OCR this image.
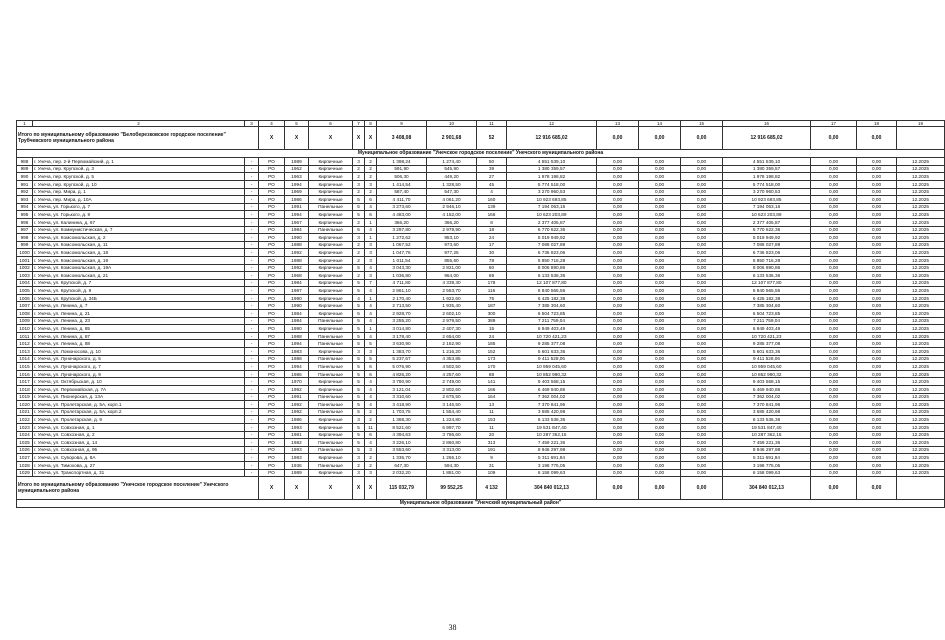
1	2	3	4	5	6	7	8	9	10	11	12	13	14	15	16	17	18	19
Итого по муниципальному образованию "Белоберезковское городское поселение" Трубчевского муниципального района			X	X	X	X	X	3 408,08	2 901,68	52	12 916 685,02	0,00	0,00	0,00	12 916 685,02	0,00	0,00	
Муниципальное образование "Унечское городское поселение" Унечского муниципального района																		
988	г. Унеча, пер. 2-й Первомайский, д. 1	-	РО	1989	Кирпичные	3	2	1 398,24	1 274,40	50	4 551 539,10	0,00	0,00	0,00	4 551 539,10	0,00	0,00	12.2025
989	г. Унеча, пер. Крупской, д. 3	-	РО	1962	Кирпичные	2	2	591,90	545,90	39	1 380 359,57	0,00	0,00	0,00	1 380 359,57	0,00	0,00	12.2025
990	г. Унеча, пер. Крупской, д. 5	-	РО	1963	Кирпичные	2	2	506,30	449,20	27	1 978 198,82	0,00	0,00	0,00	1 978 198,82	0,00	0,00	12.2025
991	г. Унеча, пер. Крупской, д. 10	-	РО	1994	Кирпичные	3	3	1 414,54	1 328,50	45	5 774 518,00	0,00	0,00	0,00	5 774 518,00	0,00	0,00	12.2025
992	г. Унеча, пер. Мира, д. 1	-	РО	1969	Кирпичные	2	2	587,40	547,30	4	3 270 960,53	0,00	0,00	0,00	3 270 960,53	0,00	0,00	12.2025
993	г. Унеча, пер. Мира, д. 10А	-	РО	1986	Кирпичные	5	6	4 411,70	4 061,20	160	10 923 693,85	0,00	0,00	0,00	10 923 693,85	0,00	0,00	12.2025
994	г. Унеча, ул. Горького, д. 7	-	РО	1991	Панельные	5	4	3 273,60	2 946,10	139	7 194 063,16	0,00	0,00	0,00	7 194 063,16	0,00	0,00	12.2025
995	г. Унеча, ул. Горького, д. 9	-	РО	1994	Кирпичные	5	6	4 483,00	4 152,00	166	10 623 203,89	0,00	0,00	0,00	10 623 203,89	0,00	0,00	12.2025
996	г. Унеча, ул. Калинина, д. 67	-	РО	1967	Кирпичные	2	1	366,20	366,20	8	2 377 405,87	0,00	0,00	0,00	2 377 405,87	0,00	0,00	12.2025
997	г. Унеча, ул. Коммунистическая, д. 7	-	РО	1984	Панельные	5	4	3 297,80	2 979,90	18	6 770 622,36	0,00	0,00	0,00	6 770 622,36	0,00	0,00	12.2025
998	г. Унеча, ул. Комсомольская, д. 2	-	РО	1990	Кирпичные	3	1	1 272,62	953,10	24	5 019 949,92	0,00	0,00	0,00	5 019 949,92	0,00	0,00	12.2025
999	г. Унеча, ул. Комсомольская, д. 11	-	РО	1988	Кирпичные	2	3	1 067,52	973,60	17	7 088 027,89	0,00	0,00	0,00	7 088 027,89	0,00	0,00	12.2025
1000	г. Унеча, ул. Комсомольская, д. 18	-	РО	1992	Кирпичные	2	3	1 047,76	977,25	30	6 736 823,06	0,00	0,00	0,00	6 736 823,06	0,00	0,00	12.2025
1001	г. Унеча, ул. Комсомольская, д. 19	-	РО	1988	Кирпичные	2	3	1 011,54	855,60	78	5 850 716,28	0,00	0,00	0,00	5 850 716,28	0,00	0,00	12.2025
1002	г. Унеча, ул. Комсомольская, д. 19А	-	РО	1992	Кирпичные	5	4	3 043,30	2 821,00	60	8 006 890,86	0,00	0,00	0,00	8 006 890,86	0,00	0,00	12.2025
1003	г. Унеча, ул. Комсомольская, д. 21	-	РО	1968	Кирпичные	2	3	1 036,80	964,00	69	6 133 536,36	0,00	0,00	0,00	6 133 536,36	0,00	0,00	12.2025
1004	г. Унеча, ул. Крупской, д. 7	-	РО	1984	Кирпичные	5	7	4 711,80	4 339,30	178	12 107 877,80	0,00	0,00	0,00	12 107 877,80	0,00	0,00	12.2025
1005	г. Унеча, ул. Крупской, д. 9	-	РО	1987	Кирпичные	5	4	2 861,10	2 553,70	116	6 840 565,56	0,00	0,00	0,00	6 840 565,56	0,00	0,00	12.2025
1006	г. Унеча, ул. Крупской, д. 34Б	-	РО	1990	Кирпичные	4	1	2 170,40	1 922,60	75	6 425 182,38	0,00	0,00	0,00	6 425 182,38	0,00	0,00	12.2025
1007	г. Унеча, ул. Ленина, д. 7	-	РО	1990	Кирпичные	5	4	2 713,50	1 935,40	187	7 385 304,60	0,00	0,00	0,00	7 385 304,60	0,00	0,00	12.2025
1008	г. Унеча, ул. Ленина, д. 21	-	РО	1984	Кирпичные	5	4	2 928,70	2 602,10	300	6 504 723,85	0,00	0,00	0,00	6 504 723,85	0,00	0,00	12.2025
1009	г. Унеча, ул. Ленина, д. 23	-	РО	1984	Панельные	5	4	3 255,20	2 979,50	389	7 211 759,04	0,00	0,00	0,00	7 211 759,04	0,00	0,00	12.2025
1010	г. Унеча, ул. Ленина, д. 85	-	РО	1990	Кирпичные	5	1	3 014,80	2 407,30	15	6 949 403,49	0,00	0,00	0,00	6 949 403,49	0,00	0,00	12.2025
1011	г. Унеча, ул. Ленина, д. 87	-	РО	1988	Панельные	5	4	3 178,40	2 654,00	24	10 720 421,23	0,00	0,00	0,00	10 720 421,23	0,00	0,00	12.2025
1012	г. Унеча, ул. Ленина, д. 88	-	РО	1994	Панельные	5	5	3 630,90	2 162,90	185	9 285 377,08	0,00	0,00	0,00	9 285 377,08	0,00	0,00	12.2025
1013	г. Унеча, ул. Ломоносова, д. 10	-	РО	1983	Кирпичные	3	3	1 383,70	1 216,20	152	5 601 633,36	0,00	0,00	0,00	5 601 633,36	0,00	0,00	12.2025
1014	г. Унеча, ул. Луначарского, д. 5	-	РО	1988	Панельные	5	5	5 237,67	4 353,85	173	9 411 528,06	0,00	0,00	0,00	9 411 528,06	0,00	0,00	12.2025
1015	г. Унеча, ул. Луначарского, д. 7	-	РО	1994	Панельные	5	6	5 076,90	4 502,50	170	10 959 045,60	0,00	0,00	0,00	10 959 045,60	0,00	0,00	12.2025
1016	г. Унеча, ул. Луначарского, д. 9	-	РО	1986	Панельные	5	6	4 826,20	4 257,60	88	10 852 990,32	0,00	0,00	0,00	10 852 990,32	0,00	0,00	12.2025
1017	г. Унеча, ул. Октябрьская, д. 10	-	РО	1970	Кирпичные	5	4	3 780,90	2 749,00	141	9 403 568,15	0,00	0,00	0,00	9 403 568,15	0,00	0,00	12.2025
1018	г. Унеча, ул. Первомайская, д. 7А	-	РО	1992	Кирпичные	5	4	3 121,04	2 802,60	166	6 469 940,86	0,00	0,00	0,00	6 469 940,86	0,00	0,00	12.2025
1019	г. Унеча, ул. Пионерская, д. 13А	-	РО	1991	Панельные	5	4	3 310,60	2 675,50	164	7 362 004,02	0,00	0,00	0,00	7 362 004,02	0,00	0,00	12.2025
1020	г. Унеча, ул. Пролетарская, д. 5А, корп.1	-	РО	1992	Панельные	5	4	3 418,90	3 146,50	13	7 370 841,96	0,00	0,00	0,00	7 370 841,96	0,00	0,00	12.2025
1021	г. Унеча, ул. Пролетарская, д. 5А, корп.2	-	РО	1992	Панельные	5	2	1 703,75	1 554,40	11	3 685 420,98	0,00	0,00	0,00	3 685 420,98	0,00	0,00	12.2025
1022	г. Унеча, ул. Пролетарская, д. 9	-	РО	1986	Кирпичные	3	2	1 368,30	1 224,80	153	6 133 536,36	0,00	0,00	0,00	6 133 536,36	0,00	0,00	12.2025
1023	г. Унеча, ул. Совхозная, д. 1	-	РО	1993	Кирпичные	5	11	8 521,60	6 997,70	11	19 531 847,40	0,00	0,00	0,00	19 531 847,40	0,00	0,00	12.2025
1024	г. Унеча, ул. Совхозная, д. 2	-	РО	1981	Кирпичные	5	6	4 394,63	3 786,60	20	10 287 362,15	0,00	0,00	0,00	10 287 362,15	0,00	0,00	12.2025
1025	г. Унеча, ул. Совхозная, д. 14	-	РО	1982	Панельные	5	4	3 226,10	2 860,80	313	7 459 221,36	0,00	0,00	0,00	7 459 221,36	0,00	0,00	12.2025
1026	г. Унеча, ул. Совхозная, д. 95	-	РО	1993	Панельные	5	3	3 553,60	3 313,00	191	8 946 297,98	0,00	0,00	0,00	8 946 297,98	0,00	0,00	12.2025
1027	г. Унеча, ул. Суворова, д. 8А	-	РО	1983	Кирпичные	3	2	1 336,70	1 265,10	9	5 311 691,94	0,00	0,00	0,00	5 311 691,94	0,00	0,00	12.2025
1028	г. Унеча, ул. Тимохова, д. 27	-	РО	1936	Панельные	2	2	647,30	594,30	31	3 198 775,05	0,00	0,00	0,00	3 198 775,05	0,00	0,00	12.2025
1029	г. Унеча, ул. Транспортная, д. 31	-	РО	1989	Кирпичные	3	3	2 032,20	1 881,00	109	6 158 099,63	0,00	0,00	0,00	6 158 099,63	0,00	0,00	12.2025
Итого по муниципальному образованию "Унечское городское поселение" Унечского муниципального района			X	X	X	X	X	115 032,79	99 552,25	4 132	304 840 012,13	0,00	0,00	0,00	304 840 012,13	0,00	0,00	
Муниципальное образование "Унечский муниципальный район"																		
38
